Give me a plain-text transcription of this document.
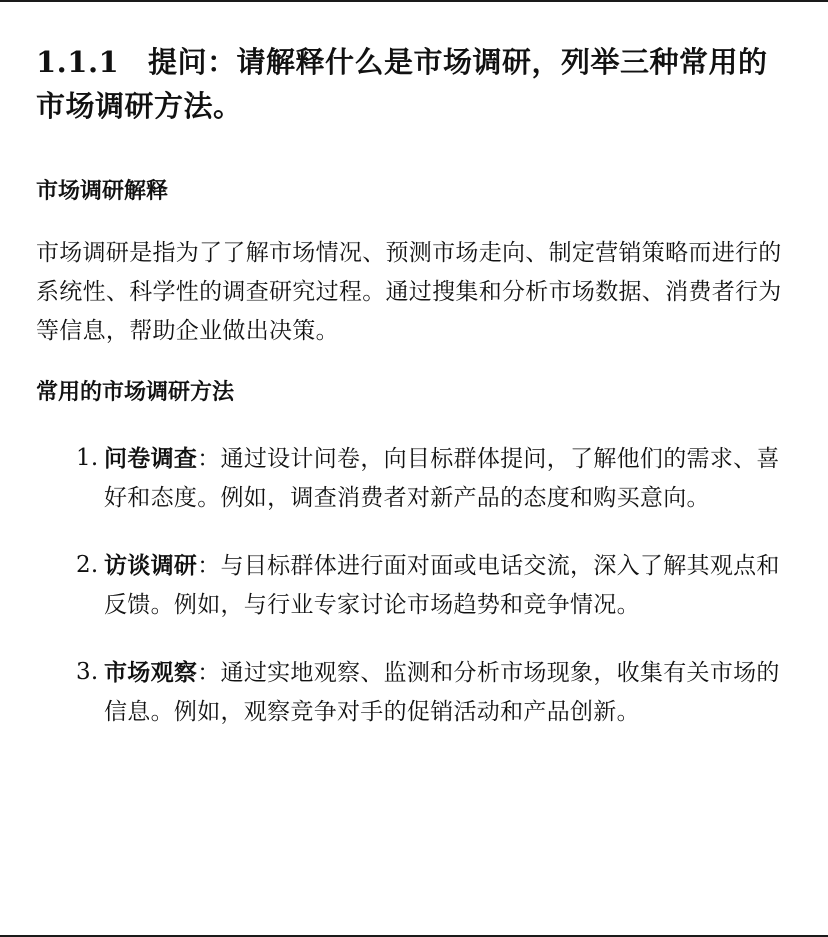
1.1.1 提问：请解释什么是市场调研，列举三种常用的市场调研方法。
市场调研解释

市场调研是指为了了解市场情况、预测市场走向、制定营销策略而进行的系统性、科学性的调查研究过程。通过搜集和分析市场数据、消费者行为等信息，帮助企业做出决策。

常用的市场调研方法
1. 问卷调查：通过设计问卷，向目标群体提问，了解他们的需求、喜好和态度。例如，调查消费者对新产品的态度和购买意向。
2. 访谈调研：与目标群体进行面对面或电话交流，深入了解其观点和反馈。例如，与行业专家讨论市场趋势和竞争情况。
3. 市场观察：通过实地观察、监测和分析市场现象，收集有关市场的信息。例如，观察竞争对手的促销活动和产品创新。
